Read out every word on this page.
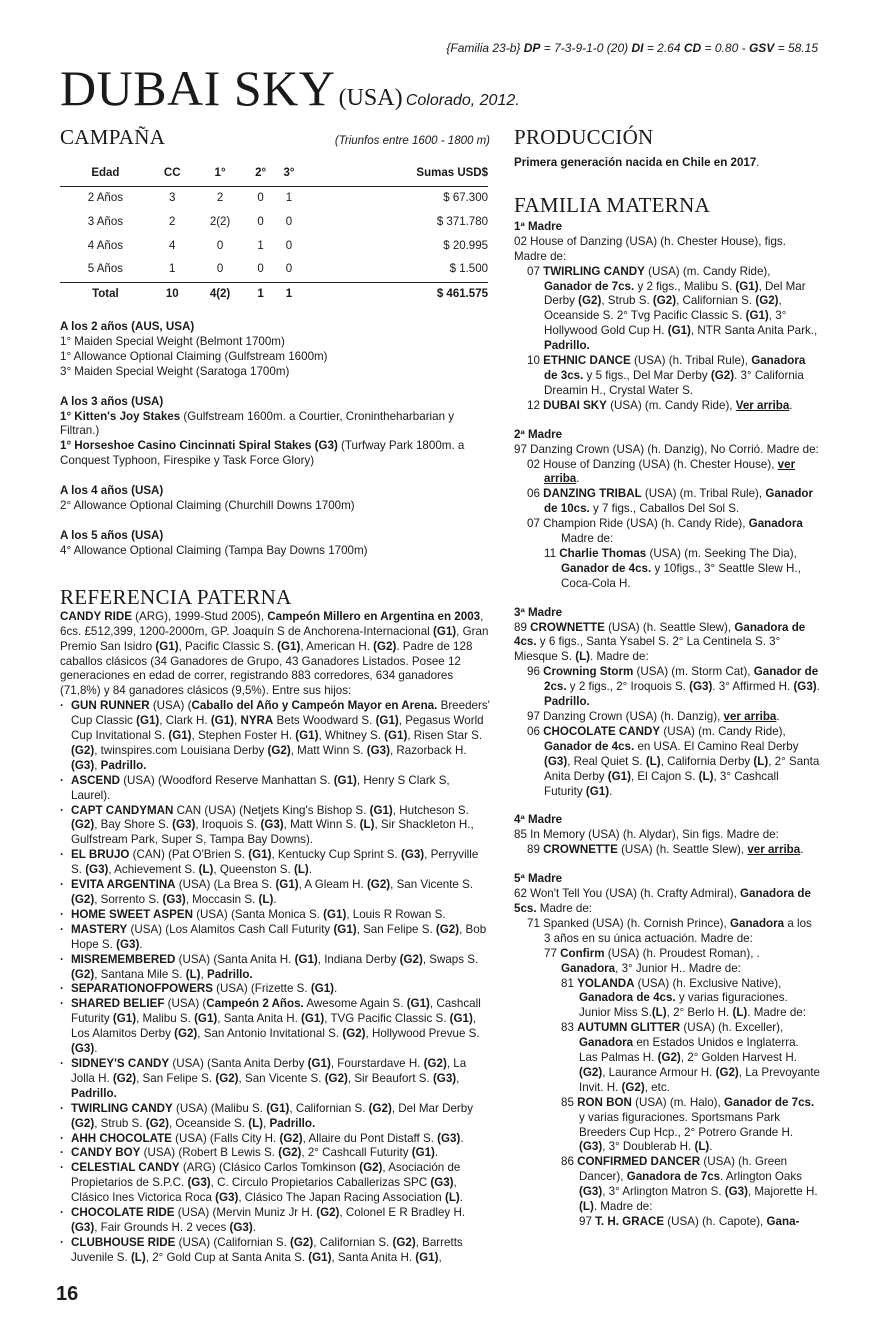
{Familia 23-b} DP = 7-3-9-1-0 (20) DI = 2.64 CD = 0.80 - GSV = 58.15
DUBAI SKY (USA) Colorado, 2012.
CAMPAÑA	(Triunfos entre 1600 - 1800 m)
Edad	CC	1°	2°	3°	Sumas USD$
2 Años	3	2	0	1	$ 67.300
3 Años	2	2(2)	0	0	$ 371.780
4 Años	4	0	1	0	$ 20.995
5 Años	1	0	0	0	$ 1.500
Total	10	4(2)	1	1	$ 461.575
A los 2 años (AUS, USA)
1° Maiden Special Weight (Belmont 1700m)
1° Allowance Optional Claiming (Gulfstream 1600m)
3° Maiden Special Weight (Saratoga 1700m)
A los 3 años (USA)
1° Kitten's Joy Stakes (Gulfstream 1600m. a Courtier, Cronintheharbarian y Filtran.)
1° Horseshoe Casino Cincinnati Spiral Stakes (G3) (Turfway Park 1800m. a Conquest Typhoon, Firespike y Task Force Glory)
A los 4 años (USA)
2° Allowance Optional Claiming (Churchill Downs 1700m)
A los 5 años (USA)
4° Allowance Optional Claiming (Tampa Bay Downs 1700m)
REFERENCIA PATERNA
CANDY RIDE (ARG), 1999-Stud 2005), Campeón Millero en Argentina en 2003, 6cs. £512,399, 1200-2000m, GP. Joaquín S de Anchorena-Internacional (G1), Gran Premio San Isidro (G1), Pacific Classic S. (G1), American H. (G2). Padre de 128 caballos clásicos (34 Ganadores de Grupo, 43 Ganadores Listados. Posee 12 generaciones en edad de correr, registrando 883 corredores, 634 ganadores (71,8%) y 84 ganadores clásicos (9,5%). Entre sus hijos:
· GUN RUNNER (USA) (Caballo del Año y Campeón Mayor en Arena. Breeders' Cup Classic (G1), Clark H. (G1), NYRA Bets Woodward S. (G1), Pegasus World Cup Invitational S. (G1), Stephen Foster H. (G1), Whitney S. (G1), Risen Star S. (G2), twinspires.com Louisiana Derby (G2), Matt Winn S. (G3), Razorback H. (G3), Padrillo.
· ASCEND (USA) (Woodford Reserve Manhattan S. (G1), Henry S Clark S, Laurel).
· CAPT CANDYMAN CAN (USA) (Netjets King's Bishop S. (G1), Hutcheson S. (G2), Bay Shore S. (G3), Iroquois S. (G3), Matt Winn S. (L), Sir Shackleton H., Gulfstream Park, Super S, Tampa Bay Downs).
· EL BRUJO (CAN) (Pat O'Brien S. (G1), Kentucky Cup Sprint S. (G3), Perryville S. (G3), Achievement S. (L), Queenston S. (L).
· EVITA ARGENTINA (USA) (La Brea S. (G1), A Gleam H. (G2), San Vicente S. (G2), Sorrento S. (G3), Moccasin S. (L).
· HOME SWEET ASPEN (USA) (Santa Monica S. (G1), Louis R Rowan S.
· MASTERY (USA) (Los Alamitos Cash Call Futurity (G1), San Felipe S. (G2), Bob Hope S. (G3).
· MISREMEMBERED (USA) (Santa Anita H. (G1), Indiana Derby (G2), Swaps S. (G2), Santana Mile S. (L), Padrillo.
· SEPARATIONOFPOWERS (USA) (Frizette S. (G1).
· SHARED BELIEF (USA) (Campeón 2 Años. Awesome Again S. (G1), Cashcall Futurity (G1), Malibu S. (G1), Santa Anita H. (G1), TVG Pacific Classic S. (G1), Los Alamitos Derby (G2), San Antonio Invitational S. (G2), Hollywood Prevue S. (G3).
· SIDNEY'S CANDY (USA) (Santa Anita Derby (G1), Fourstardave H. (G2), La Jolla H. (G2), San Felipe S. (G2), San Vicente S. (G2), Sir Beaufort S. (G3), Padrillo.
· TWIRLING CANDY (USA) (Malibu S. (G1), Californian S. (G2), Del Mar Derby (G2), Strub S. (G2), Oceanside S. (L), Padrillo.
· AHH CHOCOLATE (USA) (Falls City H. (G2), Allaire du Pont Distaff S. (G3).
· CANDY BOY (USA) (Robert B Lewis S. (G2), 2° Cashcall Futurity (G1).
· CELESTIAL CANDY (ARG) (Clásico Carlos Tomkinson (G2), Asociación de Propietarios de S.P.C. (G3), C. Circulo Propietarios Caballerizas SPC (G3), Clásico Ines Victorica Roca (G3), Clásico The Japan Racing Association (L).
· CHOCOLATE RIDE (USA) (Mervin Muniz Jr H. (G2), Colonel E R Bradley H. (G3), Fair Grounds H. 2 veces (G3).
· CLUBHOUSE RIDE (USA) (Californian S. (G2), Californian S. (G2), Barretts Juvenile S. (L), 2° Gold Cup at Santa Anita S. (G1), Santa Anita H. (G1),
PRODUCCIÓN
Primera generación nacida en Chile en 2017.
FAMILIA MATERNA
1ª Madre
02 House of Danzing (USA) (h. Chester House), figs. Madre de:
07 TWIRLING CANDY (USA) (m. Candy Ride), Ganador de 7cs. y 2 figs., Malibu S. (G1), Del Mar Derby (G2), Strub S. (G2), Californian S. (G2), Oceanside S. 2° Tvg Pacific Classic S. (G1), 3° Hollywood Gold Cup H. (G1), NTR Santa Anita Park., Padrillo.
10 ETHNIC DANCE (USA) (h. Tribal Rule), Ganadora de 3cs. y 5 figs., Del Mar Derby (G2). 3° California Dreamin H., Crystal Water S.
12 DUBAI SKY (USA) (m. Candy Ride), Ver arriba.
2ª Madre
97 Danzing Crown (USA) (h. Danzig), No Corrió. Madre de:
02 House of Danzing (USA) (h. Chester House), ver arriba.
06 DANZING TRIBAL (USA) (m. Tribal Rule), Ganador de 10cs. y 7 figs., Caballos Del Sol S.
07 Champion Ride (USA) (h. Candy Ride), Ganadora
Madre de:
11 Charlie Thomas (USA) (m. Seeking The Dia), Ganador de 4cs. y 10figs., 3° Seattle Slew H., Coca-Cola H.
3ª Madre
89 CROWNETTE (USA) (h. Seattle Slew), Ganadora de 4cs. y 6 figs., Santa Ysabel S. 2° La Centinela S. 3° Miesque S. (L). Madre de:
96 Crowning Storm (USA) (m. Storm Cat), Ganador de 2cs. y 2 figs., 2° Iroquois S. (G3). 3° Affirmed H. (G3). Padrillo.
97 Danzing Crown (USA) (h. Danzig), ver arriba.
06 CHOCOLATE CANDY (USA) (m. Candy Ride), Ganador de 4cs. en USA. El Camino Real Derby (G3), Real Quiet S. (L), California Derby (L), 2° Santa Anita Derby (G1), El Cajon S. (L), 3° Cashcall Futurity (G1).
4ª Madre
85 In Memory (USA) (h. Alydar), Sin figs. Madre de:
89 CROWNETTE (USA) (h. Seattle Slew), ver arriba.
5ª Madre
62 Won't Tell You (USA) (h. Crafty Admiral), Ganadora de 5cs. Madre de:
71 Spanked (USA) (h. Cornish Prince), Ganadora a los 3 años en su única actuación. Madre de:
77 Confirm (USA) (h. Proudest Roman), . Ganadora, 3° Junior H.. Madre de:
81 YOLANDA (USA) (h. Exclusive Native), Ganadora de 4cs. y varias figuraciones. Junior Miss S.(L), 2° Berlo H. (L). Madre de:
83 AUTUMN GLITTER (USA) (h. Exceller), Ganadora en Estados Unidos e Inglaterra. Las Palmas H. (G2), 2° Golden Harvest H. (G2), Laurance Armour H. (G2), La Prevoyante Invit. H. (G2), etc.
85 RON BON (USA) (m. Halo), Ganador de 7cs. y varias figuraciones. Sportsmans Park Breeders Cup Hcp., 2° Potrero Grande H. (G3), 3° Doublerab H. (L).
86 CONFIRMED DANCER (USA) (h. Green Dancer), Ganadora de 7cs. Arlington Oaks (G3), 3° Arlington Matron S. (G3), Majorette H. (L). Madre de:
97 T. H. GRACE (USA) (h. Capote), Gana-
16
